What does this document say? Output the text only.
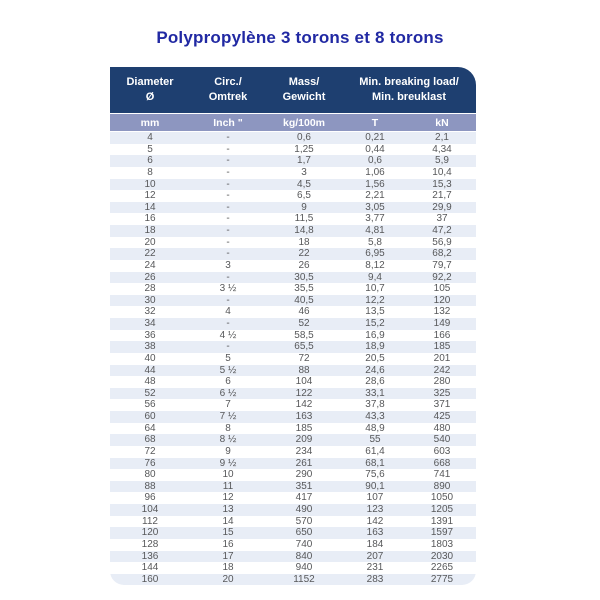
Polypropylène 3 torons et 8 torons
Diameter
Ø
Circ./
Omtrek
Mass/
Gewicht
Min. breaking load/
Min. breuklast
mm	Inch "	kg/100m	T	kN
4	-	0,6	0,21	2,1
5	-	1,25	0,44	4,34
6	-	1,7	0,6	5,9
8	-	3	1,06	10,4
10	-	4,5	1,56	15,3
12	-	6,5	2,21	21,7
14	-	9	3,05	29,9
16	-	11,5	3,77	37
18	-	14,8	4,81	47,2
20	-	18	5,8	56,9
22	-	22	6,95	68,2
24	3	26	8,12	79,7
26	-	30,5	9,4	92,2
28	3 ½	35,5	10,7	105
30	-	40,5	12,2	120
32	4	46	13,5	132
34	-	52	15,2	149
36	4 ½	58,5	16,9	166
38	-	65,5	18,9	185
40	5	72	20,5	201
44	5 ½	88	24,6	242
48	6	104	28,6	280
52	6 ½	122	33,1	325
56	7	142	37,8	371
60	7 ½	163	43,3	425
64	8	185	48,9	480
68	8 ½	209	55	540
72	9	234	61,4	603
76	9 ½	261	68,1	668
80	10	290	75,6	741
88	11	351	90,1	890
96	12	417	107	1050
104	13	490	123	1205
112	14	570	142	1391
120	15	650	163	1597
128	16	740	184	1803
136	17	840	207	2030
144	18	940	231	2265
160	20	1152	283	2775
